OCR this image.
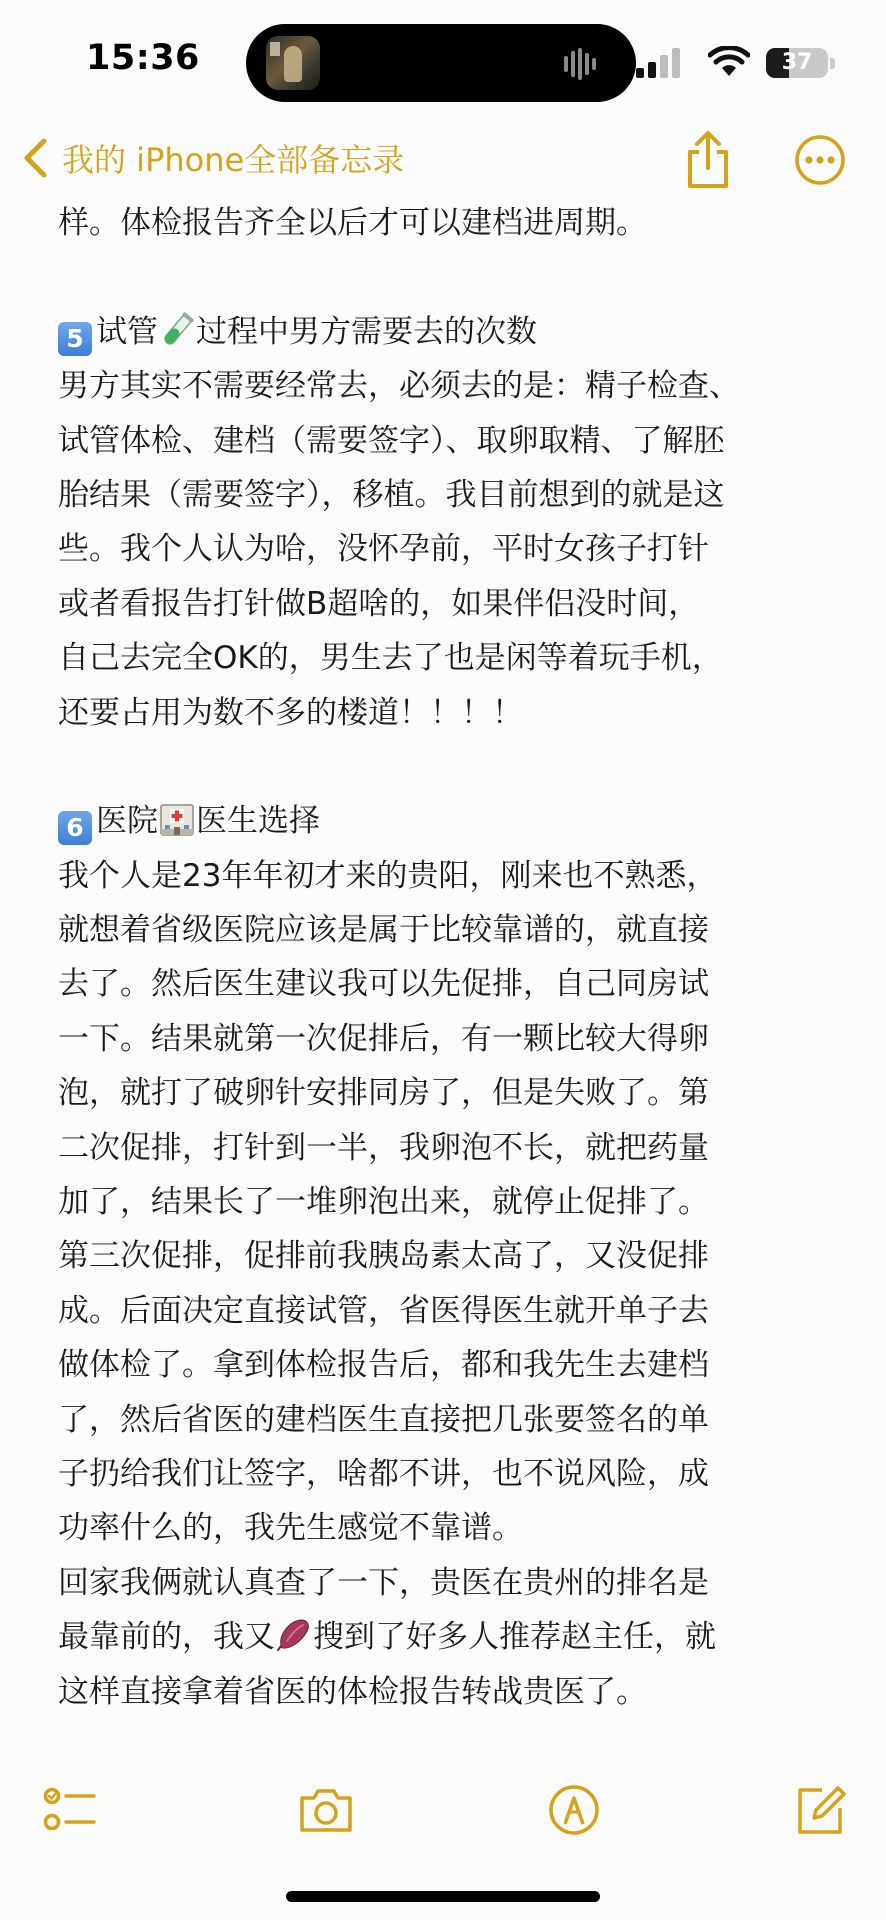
15:36	37
我的 iPhone全部备忘录
样。体检报告齐全以后才可以建档进周期。
5 试管 过程中男方需要去的次数
男方其实不需要经常去，必须去的是：精子检查、
试管体检、建档（需要签字）、取卵取精、了解胚
胎结果（需要签字），移植。我目前想到的就是这
些。我个人认为哈，没怀孕前，平时女孩子打针
或者看报告打针做B超啥的，如果伴侣没时间，
自己去完全OK的，男生去了也是闲等着玩手机，
还要占用为数不多的楼道！！！！
6 医院 医生选择
我个人是23年年初才来的贵阳，刚来也不熟悉，
就想着省级医院应该是属于比较靠谱的，就直接
去了。然后医生建议我可以先促排，自己同房试
一下。结果就第一次促排后，有一颗比较大得卵
泡，就打了破卵针安排同房了，但是失败了。第
二次促排，打针到一半，我卵泡不长，就把药量
加了，结果长了一堆卵泡出来，就停止促排了。
第三次促排，促排前我胰岛素太高了，又没促排
成。后面决定直接试管，省医得医生就开单子去
做体检了。拿到体检报告后，都和我先生去建档
了，然后省医的建档医生直接把几张要签名的单
子扔给我们让签字，啥都不讲，也不说风险，成
功率什么的，我先生感觉不靠谱。
回家我俩就认真查了一下，贵医在贵州的排名是
最靠前的，我又 搜到了好多人推荐赵主任，就
这样直接拿着省医的体检报告转战贵医了。
